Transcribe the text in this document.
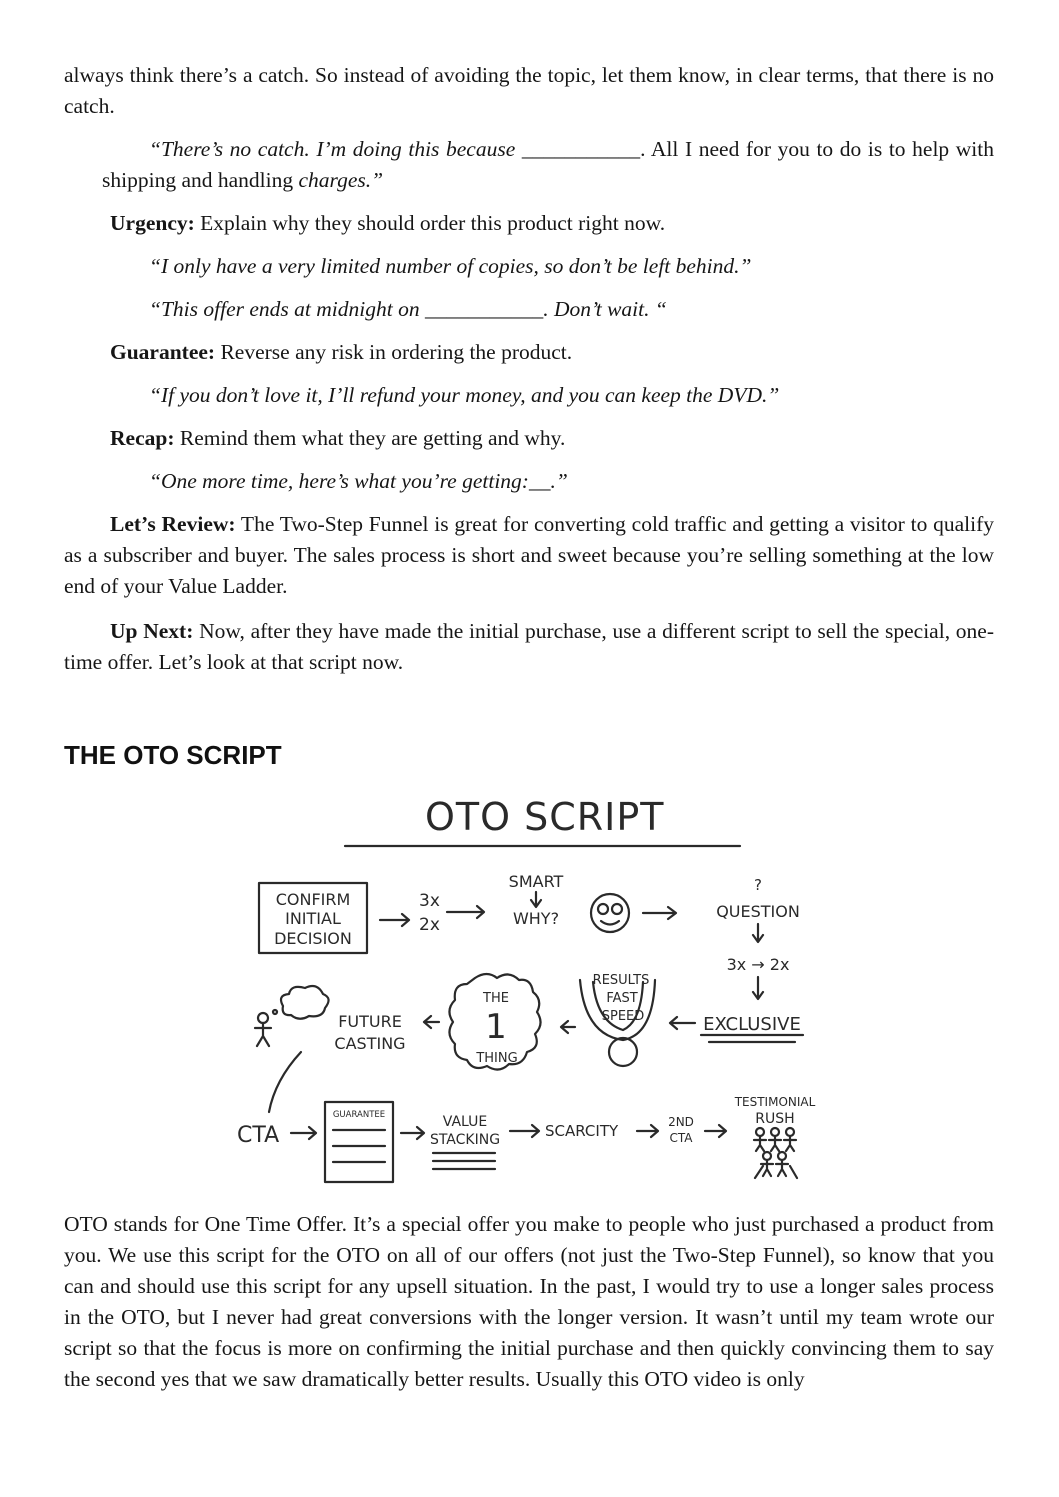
always think there’s a catch. So instead of avoiding the topic, let them know, in clear terms, that there is no catch.

“There’s no catch. I’m doing this because ___________. All I need for you to do is to help with shipping and handling charges.”

Urgency: Explain why they should order this product right now.

“I only have a very limited number of copies, so don’t be left behind.”

“This offer ends at midnight on ___________. Don’t wait. “

Guarantee: Reverse any risk in ordering the product.

“If you don’t love it, I’ll refund your money, and you can keep the DVD.”

Recap: Remind them what they are getting and why.

“One more time, here’s what you’re getting:__.”

Let’s Review: The Two-Step Funnel is great for converting cold traffic and getting a visitor to qualify as a subscriber and buyer. The sales process is short and sweet because you’re selling something at the low end of your Value Ladder.

Up Next: Now, after they have made the initial purchase, use a different script to sell the special, one-time offer. Let’s look at that script now.

THE OTO SCRIPT
OTO SCRIPT
CONFIRM
INITIAL
DECISION
3x
2x
SMART
WHY?
?
QUESTION
3x → 2x
EXCLUSIVE
RESULTS
FAST
SPEED
THE
1
THING
FUTURE
CASTING
CTA
GUARANTEE	VALUE
STACKING	SCARCITY	2ND
CTA
TESTIMONIAL
RUSH

OTO stands for One Time Offer. It’s a special offer you make to people who just purchased a product from you. We use this script for the OTO on all of our offers (not just the Two-Step Funnel), so know that you can and should use this script for any upsell situation. In the past, I would try to use a longer sales process in the OTO, but I never had great conversions with the longer version. It wasn’t until my team wrote our script so that the focus is more on confirming the initial purchase and then quickly convincing them to say the second yes that we saw dramatically better results. Usually this OTO video is only
